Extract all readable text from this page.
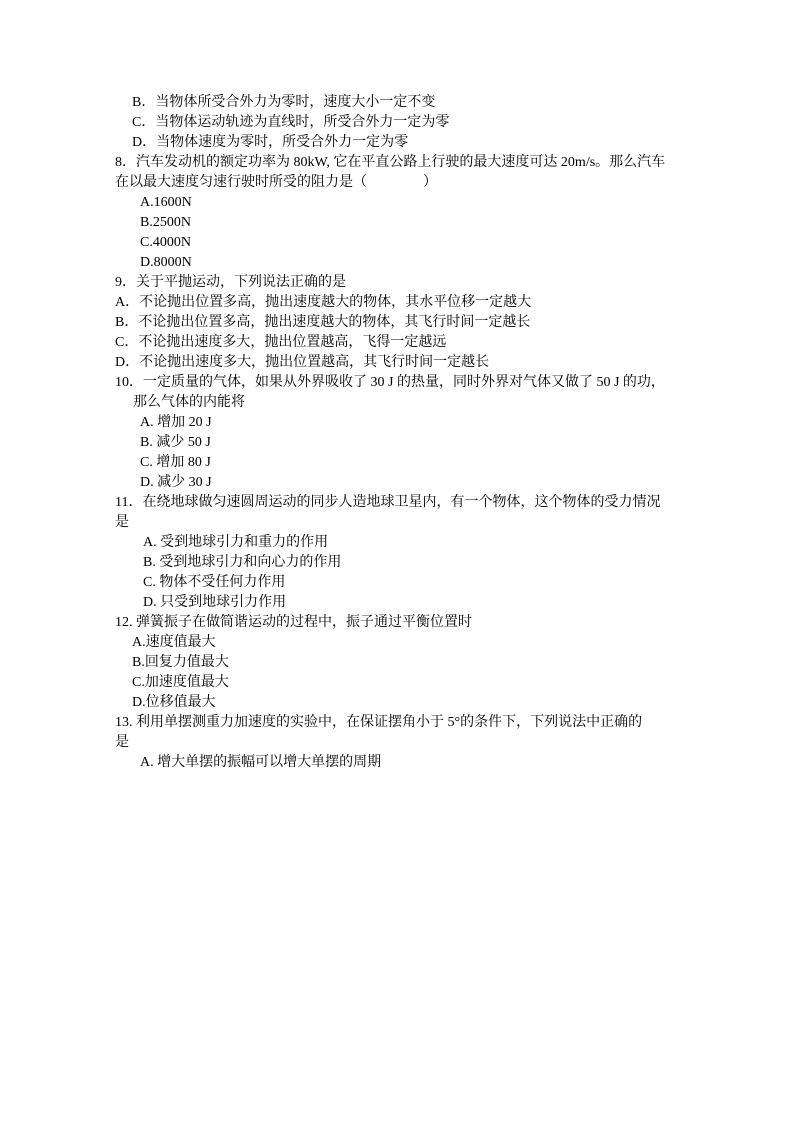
B．当物体所受合外力为零时，速度大小一定不变

C．当物体运动轨迹为直线时，所受合外力一定为零

D．当物体速度为零时，所受合外力一定为零

8．汽车发动机的额定功率为 80kW, 它在平直公路上行驶的最大速度可达 20m/s。那么汽车

在以最大速度匀速行驶时所受的阻力是（　　　　）

A.1600N

B.2500N

C.4000N

D.8000N

9．关于平抛运动，下列说法正确的是

A．不论抛出位置多高，抛出速度越大的物体，其水平位移一定越大

B．不论抛出位置多高，抛出速度越大的物体，其飞行时间一定越长

C．不论抛出速度多大，抛出位置越高，飞得一定越远

D．不论抛出速度多大，抛出位置越高，其飞行时间一定越长

10．一定质量的气体，如果从外界吸收了 30 J 的热量，同时外界对气体又做了 50 J 的功，

那么气体的内能将

A. 增加 20 J

B. 减少 50 J

C. 增加 80 J

D. 减少 30 J

11．在绕地球做匀速圆周运动的同步人造地球卫星内，有一个物体，这个物体的受力情况

是

A. 受到地球引力和重力的作用

B. 受到地球引力和向心力的作用

C. 物体不受任何力作用

D. 只受到地球引力作用

12. 弹簧振子在做简谐运动的过程中，振子通过平衡位置时

A.速度值最大

B.回复力值最大

C.加速度值最大

D.位移值最大

13. 利用单摆测重力加速度的实验中，在保证摆角小于 5°的条件下，下列说法中正确的

是

A. 增大单摆的振幅可以增大单摆的周期
